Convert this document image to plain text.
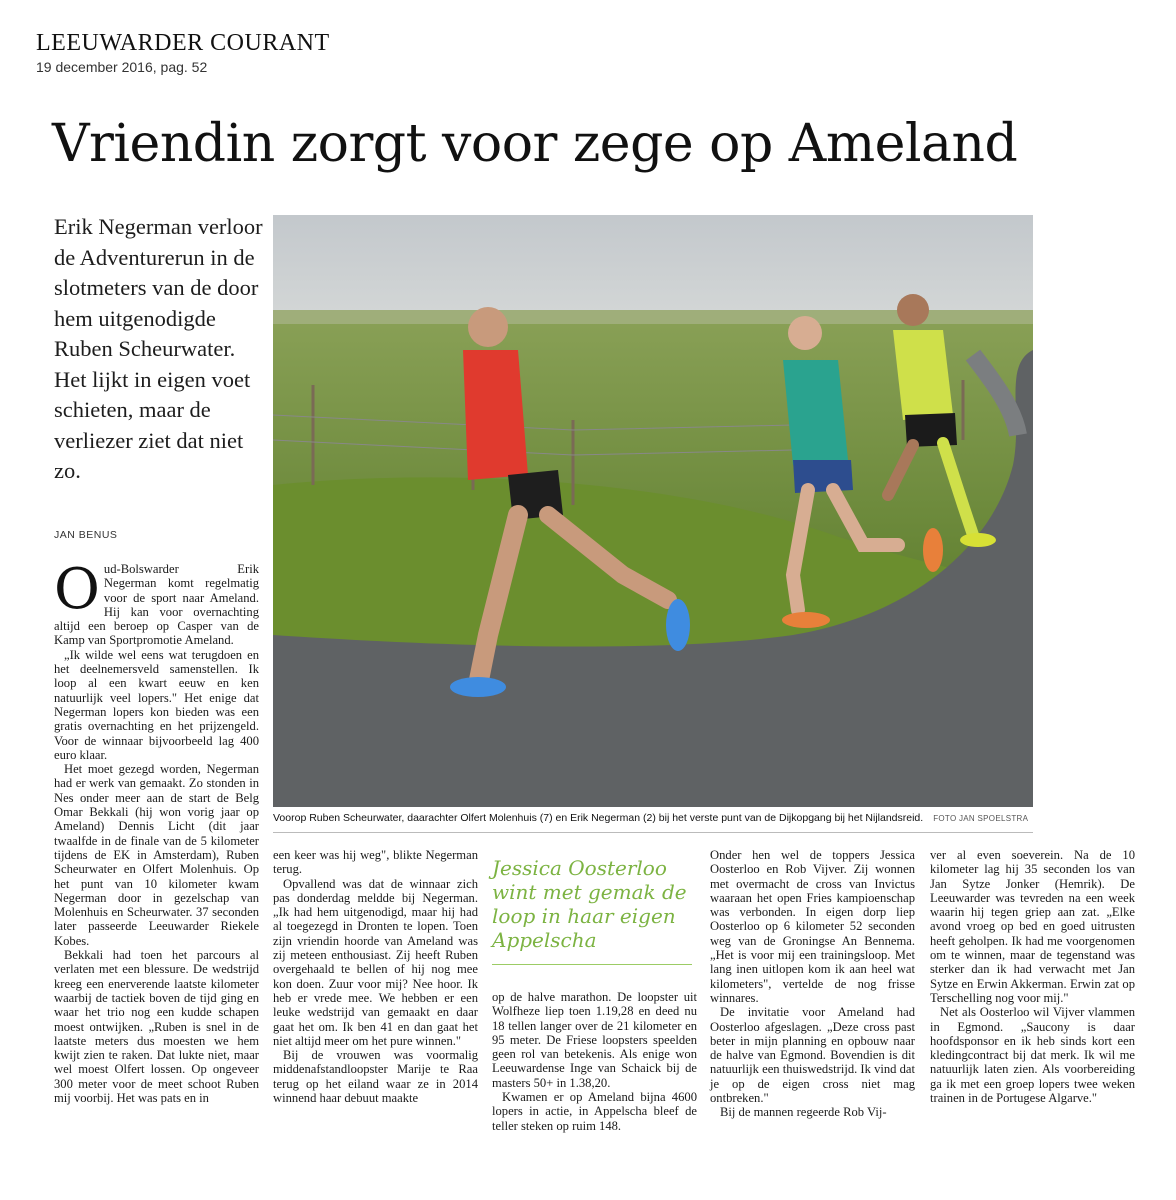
LEEUWARDER COURANT
19 december 2016, pag. 52
Vriendin zorgt voor zege op Ameland
Erik Negerman verloor de Adventurerun in de slotmeters van de door hem uitgenodigde Ruben Scheurwater. Het lijkt in eigen voet schieten, maar de verliezer ziet dat niet zo.
JAN BENUS
Voorop Ruben Scheurwater, daarachter Olfert Molenhuis (7) en Erik Negerman (2) bij het verste punt van de Dijkopgang bij het Nijlandsreid. FOTO JAN SPOELSTRA
O ud-Bolswarder Erik Negerman komt regelmatig voor de sport naar Ameland. Hij kan voor overnachting altijd een beroep op Casper van de Kamp van Sportpromotie Ameland.

„Ik wilde wel eens wat terugdoen en het deelnemersveld samenstellen. Ik loop al een kwart eeuw en ken natuurlijk veel lopers." Het enige dat Negerman lopers kon bieden was een gratis overnachting en het prijzengeld. Voor de winnaar bijvoorbeeld lag 400 euro klaar.

Het moet gezegd worden, Negerman had er werk van gemaakt. Zo stonden in Nes onder meer aan de start de Belg Omar Bekkali (hij won vorig jaar op Ameland) Dennis Licht (dit jaar twaalfde in de finale van de 5 kilometer tijdens de EK in Amsterdam), Ruben Scheurwater en Olfert Molenhuis. Op het punt van 10 kilometer kwam Negerman door in gezelschap van Molenhuis en Scheurwater. 37 seconden later passeerde Leeuwarder Riekele Kobes.

Bekkali had toen het parcours al verlaten met een blessure. De wedstrijd kreeg een enerverende laatste kilometer waarbij de tactiek boven de tijd ging en waar het trio nog een kudde schapen moest ontwijken. „Ruben is snel in de laatste meters dus moesten we hem kwijt zien te raken. Dat lukte niet, maar wel moest Olfert lossen. Op ongeveer 300 meter voor de meet schoot Ruben mij voorbij. Het was pats en in

een keer was hij weg", blikte Negerman terug.

Opvallend was dat de winnaar zich pas donderdag meldde bij Negerman. „Ik had hem uitgenodigd, maar hij had al toegezegd in Dronten te lopen. Toen zijn vriendin hoorde van Ameland was zij meteen enthousiast. Zij heeft Ruben overgehaald te bellen of hij nog mee kon doen. Zuur voor mij? Nee hoor. Ik heb er vrede mee. We hebben er een leuke wedstrijd van gemaakt en daar gaat het om. Ik ben 41 en dan gaat het niet altijd meer om het pure winnen."

Bij de vrouwen was voormalig middenafstandloopster Marije te Raa terug op het eiland waar ze in 2014 winnend haar debuut maakte

Jessica Oosterloo wint met gemak de loop in haar eigen Appelscha

op de halve marathon. De loopster uit Wolfheze liep toen 1.19,28 en deed nu 18 tellen langer over de 21 kilometer en 95 meter. De Friese loopsters speelden geen rol van betekenis. Als enige won Leeuwardense Inge van Schaick bij de masters 50+ in 1.38,20.

Kwamen er op Ameland bijna 4600 lopers in actie, in Appelscha bleef de teller steken op ruim 148.

Onder hen wel de toppers Jessica Oosterloo en Rob Vijver. Zij wonnen met overmacht de cross van Invictus waaraan het open Fries kampioenschap was verbonden. In eigen dorp liep Oosterloo op 6 kilometer 52 seconden weg van de Groningse An Bennema. „Het is voor mij een trainingsloop. Met lang inen uitlopen kom ik aan heel wat kilometers", vertelde de nog frisse winnares.

De invitatie voor Ameland had Oosterloo afgeslagen. „Deze cross past beter in mijn planning en opbouw naar de halve van Egmond. Bovendien is dit natuurlijk een thuiswedstrijd. Ik vind dat je op de eigen cross niet mag ontbreken."

Bij de mannen regeerde Rob Vij-

ver al even soeverein. Na de 10 kilometer lag hij 35 seconden los van Jan Sytze Jonker (Hemrik). De Leeuwarder was tevreden na een week waarin hij tegen griep aan zat. „Elke avond vroeg op bed en goed uitrusten heeft geholpen. Ik had me voorgenomen om te winnen, maar de tegenstand was sterker dan ik had verwacht met Jan Sytze en Erwin Akkerman. Erwin zat op Terschelling nog voor mij."

Net als Oosterloo wil Vijver vlammen in Egmond. „Saucony is daar hoofdsponsor en ik heb sinds kort een kledingcontract bij dat merk. Ik wil me natuurlijk laten zien. Als voorbereiding ga ik met een groep lopers twee weken trainen in de Portugese Algarve."
